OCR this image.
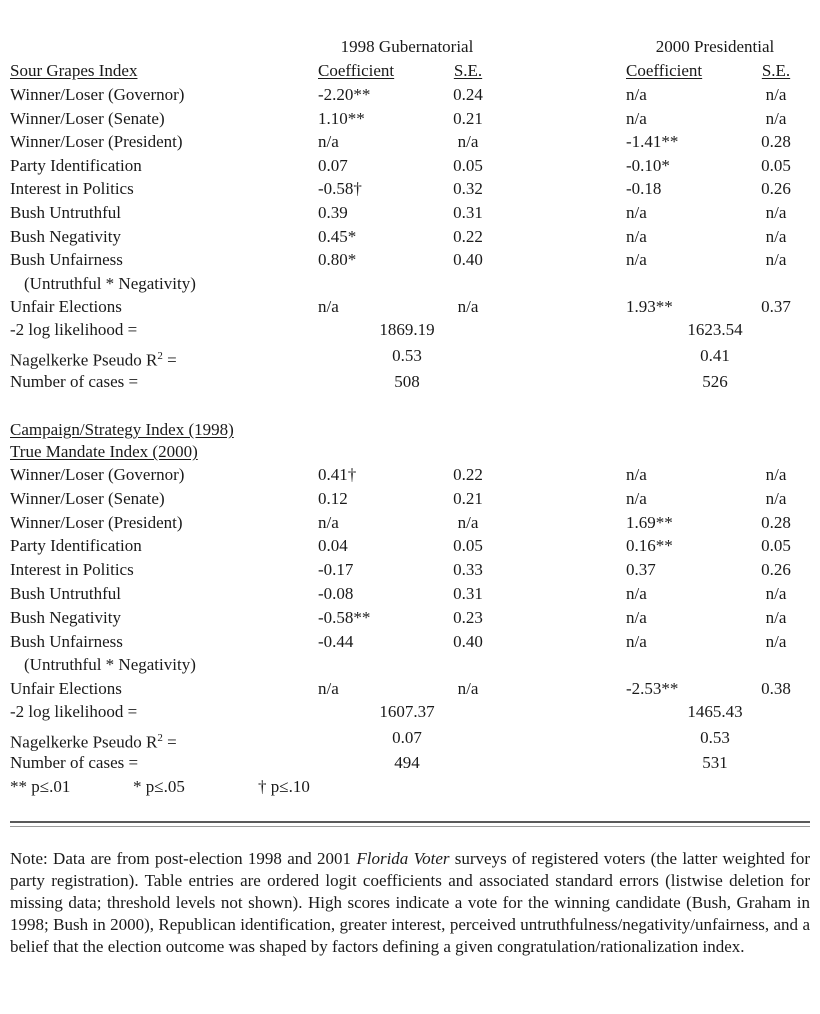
1998 Gubernatorial	2000 Presidential
Sour Grapes Index	Coefficient	S.E.	Coefficient	S.E.
Winner/Loser (Governor)	-2.20**	0.24	n/a	n/a
Winner/Loser (Senate)	1.10**	0.21	n/a	n/a
Winner/Loser (President)	n/a	n/a	-1.41**	0.28
Party Identification	0.07	0.05	-0.10*	0.05
Interest in Politics	-0.58†	0.32	-0.18	0.26
Bush Untruthful	0.39	0.31	n/a	n/a
Bush Negativity	0.45*	0.22	n/a	n/a
Bush Unfairness	0.80*	0.40	n/a	n/a
(Untruthful * Negativity)
Unfair Elections	n/a	n/a	1.93**	0.37
-2 log likelihood =	1869.19	1623.54
Nagelkerke Pseudo $R^2$ =	0.53	0.41
Number of cases =	508	526
Campaign/Strategy Index (1998)
True Mandate Index (2000)
Winner/Loser (Governor)	0.41†	0.22	n/a	n/a
Winner/Loser (Senate)	0.12	0.21	n/a	n/a
Winner/Loser (President)	n/a	n/a	1.69**	0.28
Party Identification	0.04	0.05	0.16**	0.05
Interest in Politics	-0.17	0.33	0.37	0.26
Bush Untruthful	-0.08	0.31	n/a	n/a
Bush Negativity	-0.58**	0.23	n/a	n/a
Bush Unfairness	-0.44	0.40	n/a	n/a
(Untruthful * Negativity)
Unfair Elections	n/a	n/a	-2.53**	0.38
-2 log likelihood =	1607.37	1465.43
Nagelkerke Pseudo $R^2$ =	0.07	0.53
Number of cases =	494	531
** p≤.01	* p≤.05	† p≤.10

Note: Data are from post-election 1998 and 2001 Florida Voter surveys of registered voters (the latter weighted for party registration). Table entries are ordered logit coefficients and associated standard errors (listwise deletion for missing data; threshold levels not shown). High scores indicate a vote for the winning candidate (Bush, Graham in 1998; Bush in 2000), Republican identification, greater interest, perceived untruthfulness/negativity/unfairness, and a belief that the election outcome was shaped by factors defining a given congratulation/rationalization index.
